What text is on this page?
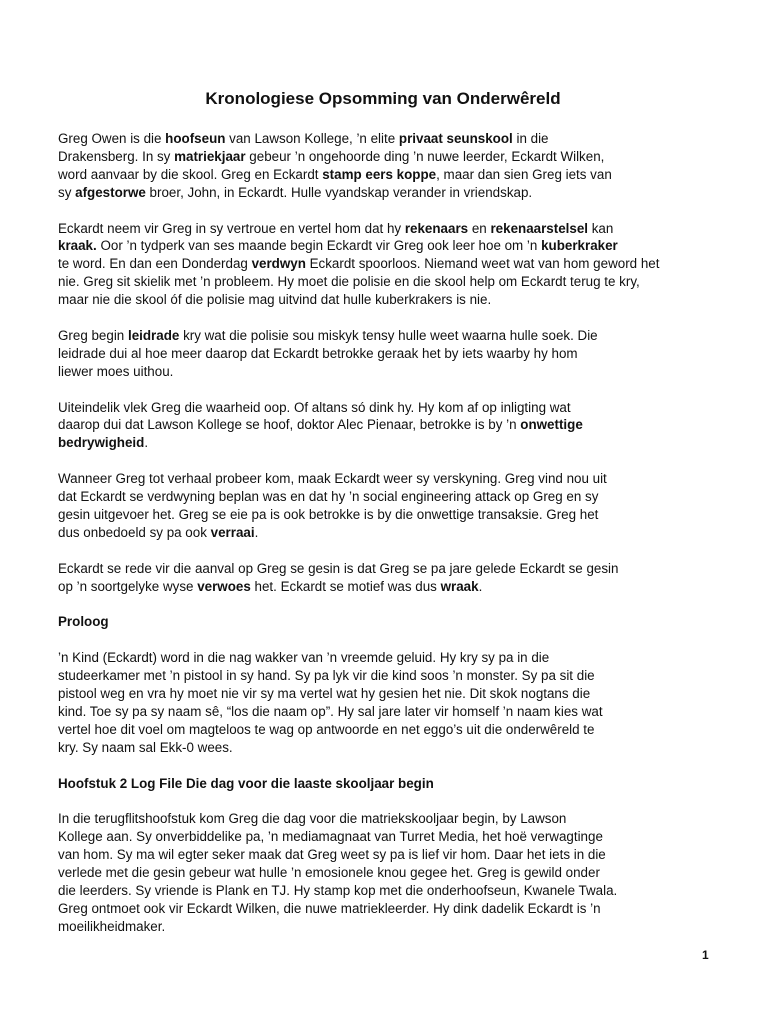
Kronologiese Opsomming van Onderwêreld

Greg Owen is die hoofseun van Lawson Kollege, ’n elite privaat seunskool in die
Drakensberg. In sy matriekjaar gebeur ’n ongehoorde ding ’n nuwe leerder, Eckardt Wilken,
word aanvaar by die skool. Greg en Eckardt stamp eers koppe, maar dan sien Greg iets van
sy afgestorwe broer, John, in Eckardt. Hulle vyandskap verander in vriendskap.

Eckardt neem vir Greg in sy vertroue en vertel hom dat hy rekenaars en rekenaarstelsel kan
kraak. Oor ’n tydperk van ses maande begin Eckardt vir Greg ook leer hoe om ’n kuberkraker
te word. En dan een Donderdag verdwyn Eckardt spoorloos. Niemand weet wat van hom geword het
nie. Greg sit skielik met ’n probleem. Hy moet die polisie en die skool help om Eckardt terug te kry,
maar nie die skool óf die polisie mag uitvind dat hulle kuberkrakers is nie.

Greg begin leidrade kry wat die polisie sou miskyk tensy hulle weet waarna hulle soek. Die
leidrade dui al hoe meer daarop dat Eckardt betrokke geraak het by iets waarby hy hom
liewer moes uithou.

Uiteindelik vlek Greg die waarheid oop. Of altans só dink hy. Hy kom af op inligting wat
daarop dui dat Lawson Kollege se hoof, doktor Alec Pienaar, betrokke is by ’n onwettige
bedrywigheid.

Wanneer Greg tot verhaal probeer kom, maak Eckardt weer sy verskyning. Greg vind nou uit
dat Eckardt se verdwyning beplan was en dat hy ’n social engineering attack op Greg en sy
gesin uitgevoer het. Greg se eie pa is ook betrokke is by die onwettige transaksie. Greg het
dus onbedoeld sy pa ook verraai.

Eckardt se rede vir die aanval op Greg se gesin is dat Greg se pa jare gelede Eckardt se gesin
op ’n soortgelyke wyse verwoes het. Eckardt se motief was dus wraak.

Proloog

’n Kind (Eckardt) word in die nag wakker van ’n vreemde geluid. Hy kry sy pa in die
studeerkamer met ’n pistool in sy hand. Sy pa lyk vir die kind soos ’n monster. Sy pa sit die
pistool weg en vra hy moet nie vir sy ma vertel wat hy gesien het nie. Dit skok nogtans die
kind. Toe sy pa sy naam sê, “los die naam op”. Hy sal jare later vir homself ’n naam kies wat
vertel hoe dit voel om magteloos te wag op antwoorde en net eggo’s uit die onderwêreld te
kry. Sy naam sal Ekk-0 wees.

Hoofstuk 2 Log File Die dag voor die laaste skooljaar begin

In die terugflitshoofstuk kom Greg die dag voor die matriekskooljaar begin, by Lawson
Kollege aan. Sy onverbiddelike pa, ’n mediamagnaat van Turret Media, het hoë verwagtinge
van hom. Sy ma wil egter seker maak dat Greg weet sy pa is lief vir hom. Daar het iets in die
verlede met die gesin gebeur wat hulle ’n emosionele knou gegee het. Greg is gewild onder
die leerders. Sy vriende is Plank en TJ. Hy stamp kop met die onderhoofseun, Kwanele Twala.
Greg ontmoet ook vir Eckardt Wilken, die nuwe matriekleerder. Hy dink dadelik Eckardt is ’n
moeilikheidmaker.

1
